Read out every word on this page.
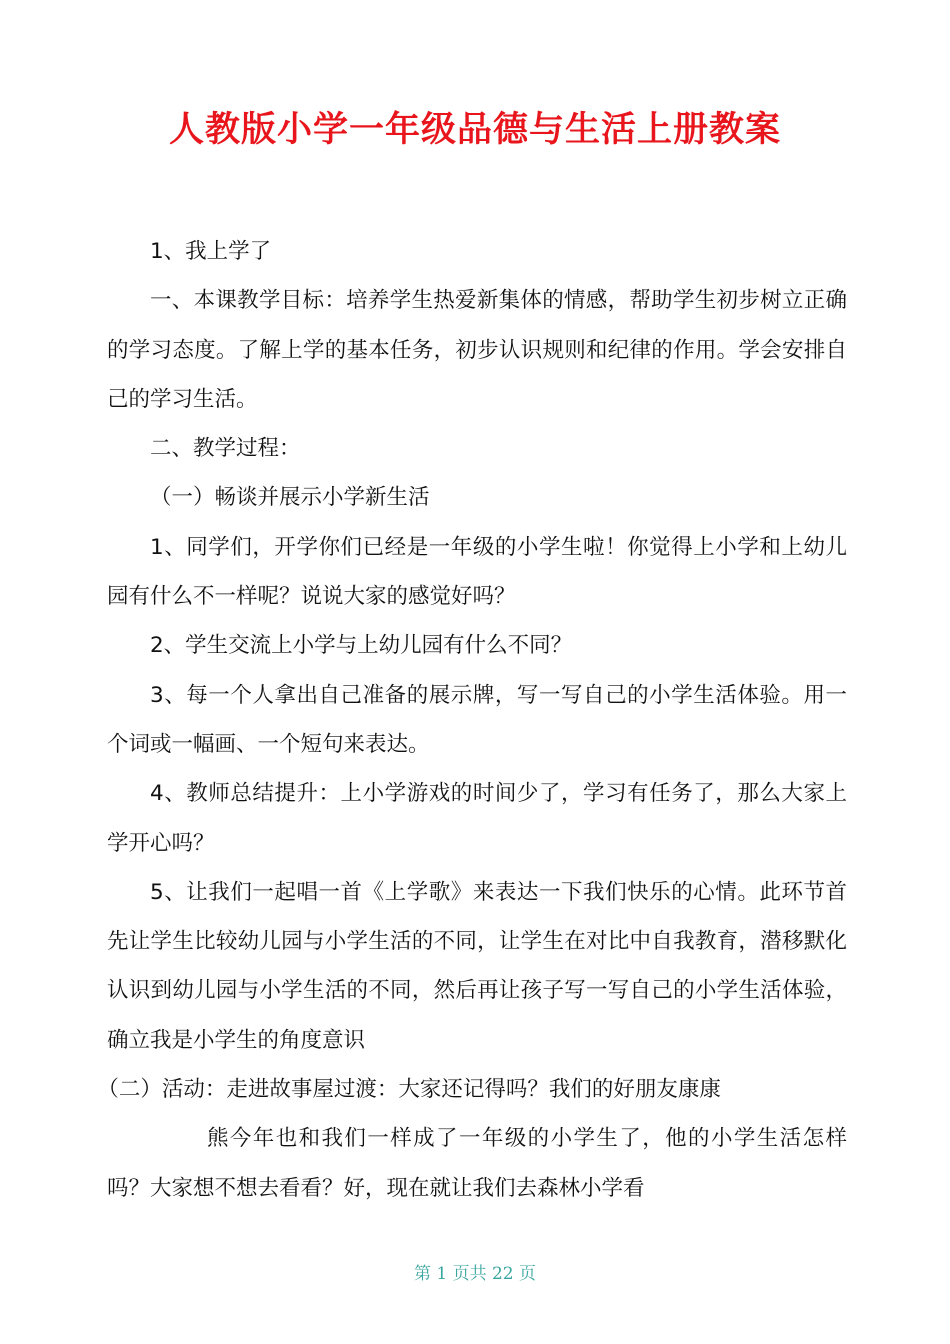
人教版小学一年级品德与生活上册教案

1、我上学了

一、本课教学目标：培养学生热爱新集体的情感，帮助学生初步树立正确的学习态度。了解上学的基本任务，初步认识规则和纪律的作用。学会安排自己的学习生活。

二、教学过程：

（一）畅谈并展示小学新生活

1、同学们，开学你们已经是一年级的小学生啦！你觉得上小学和上幼儿园有什么不一样呢？说说大家的感觉好吗？

2、学生交流上小学与上幼儿园有什么不同？

3、每一个人拿出自己准备的展示牌，写一写自己的小学生活体验。用一个词或一幅画、一个短句来表达。

4、教师总结提升：上小学游戏的时间少了，学习有任务了，那么大家上学开心吗？

5、让我们一起唱一首《上学歌》来表达一下我们快乐的心情。此环节首先让学生比较幼儿园与小学生活的不同，让学生在对比中自我教育，潜移默化认识到幼儿园与小学生活的不同，然后再让孩子写一写自己的小学生活体验，确立我是小学生的角度意识

（二）活动：走进故事屋过渡：大家还记得吗？我们的好朋友康康

熊今年也和我们一样成了一年级的小学生了，他的小学生活怎样吗？大家想不想去看看？好，现在就让我们去森林小学看

第 1 页共 22 页
